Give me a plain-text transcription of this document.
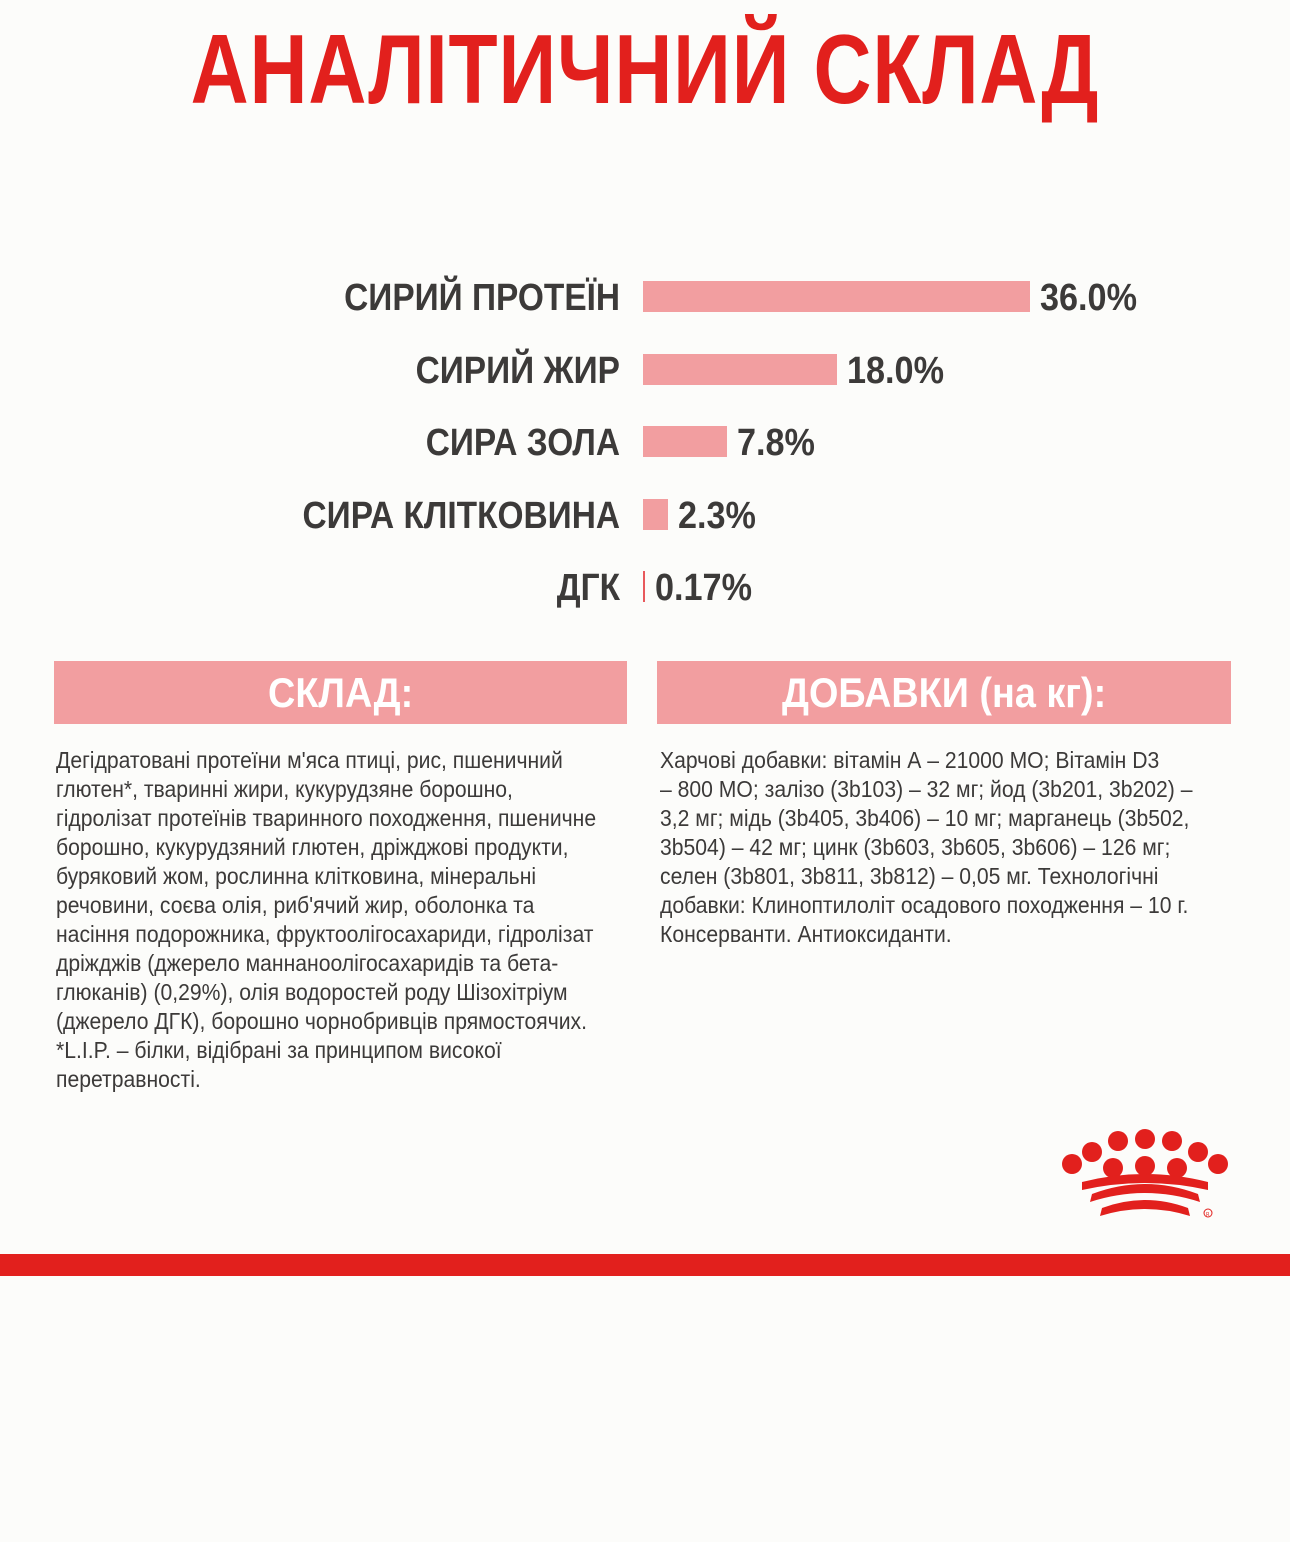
АНАЛІТИЧНИЙ СКЛАД
СИРИЙ ПРОТЕЇН	36.0%
СИРИЙ ЖИР	18.0%
СИРА ЗОЛА	7.8%
СИРА КЛІТКОВИНА 2.3%
ДГК 0.17%
СКЛАД:	ДОБАВКИ (на кг):
Дегідратовані протеїни м'яса птиці, рис, пшеничний
глютен*, тваринні жири, кукурудзяне борошно,
гідролізат протеїнів тваринного походження, пшеничне
борошно, кукурудзяний глютен, дріжджові продукти,
буряковий жом, рослинна клітковина, мінеральні
речовини, соєва олія, риб'ячий жир, оболонка та
насіння подорожника, фруктоолігосахариди, гідролізат
дріжджів (джерело маннаноолігосахаридів та бета-
глюканів) (0,29%), олія водоростей роду Шізохітріум
(джерело ДГК), борошно чорнобривців прямостоячих.
*L.I.P. – білки, відібрані за принципом високої
перетравності.
Харчові добавки: вітамін А – 21000 МО; Вітамін D3
– 800 МО; залізо (3b103) – 32 мг; йод (3b201, 3b202) –
3,2 мг; мідь (3b405, 3b406) – 10 мг; марганець (3b502,
3b504) – 42 мг; цинк (3b603, 3b605, 3b606) – 126 мг;
селен (3b801, 3b811, 3b812) – 0,05 мг. Технологічні
добавки: Клиноптилоліт осадового походження – 10 г.
Консерванти. Антиоксиданти.
R
